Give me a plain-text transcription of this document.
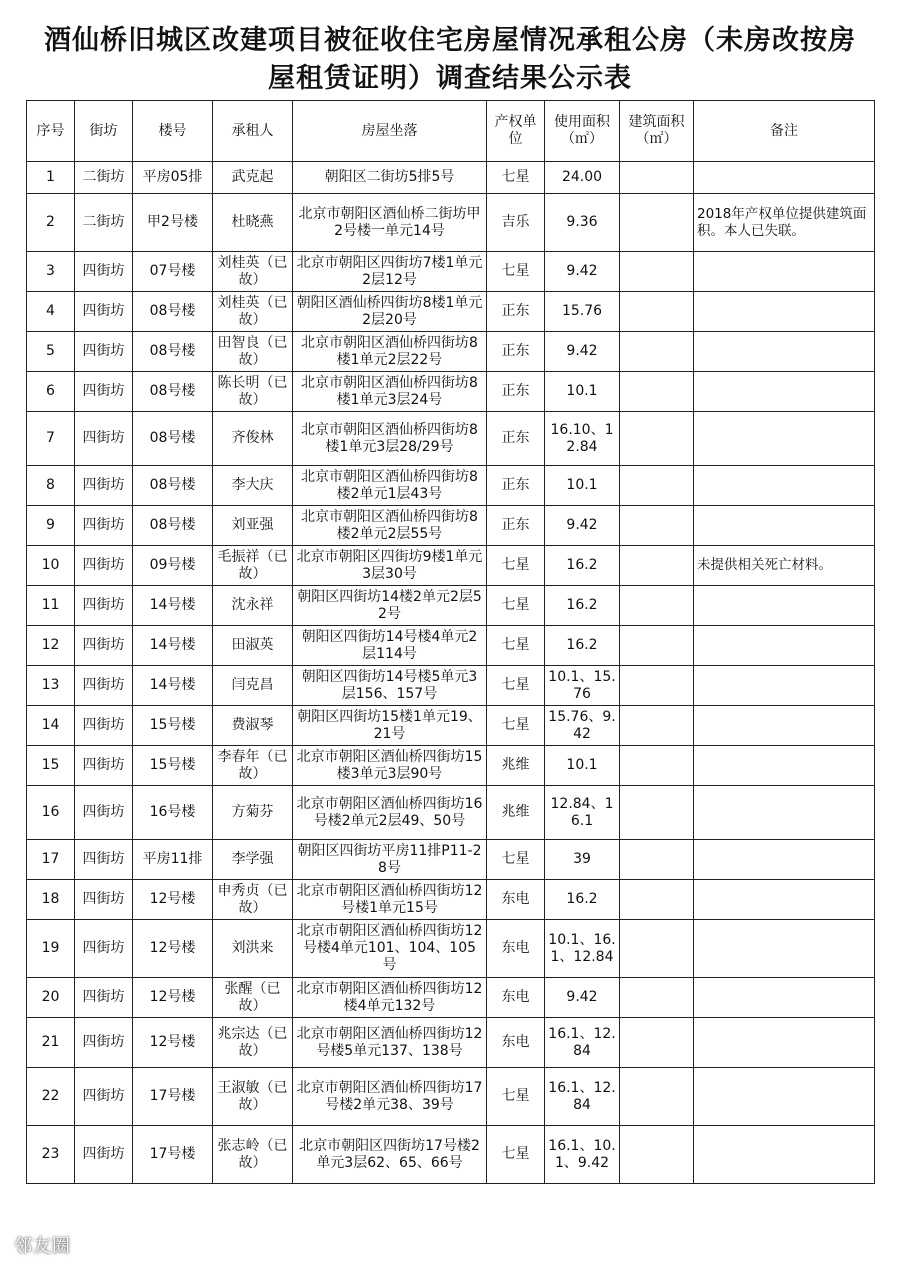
酒仙桥旧城区改建项目被征收住宅房屋情况承租公房（未房改按房
屋租赁证明）调查结果公示表
序号	街坊	楼号	承租人	房屋坐落	产权单位	使用面积（㎡）	建筑面积（㎡）	备注
1	二街坊	平房05排	武克起	朝阳区二街坊5排5号	七星	24.00		
2	二街坊	甲2号楼	杜晓燕	北京市朝阳区酒仙桥二街坊甲2号楼一单元14号	吉乐	9.36		2018年产权单位提供建筑面积。本人已失联。
3	四街坊	07号楼	刘桂英（已故）	北京市朝阳区四街坊7楼1单元2层12号	七星	9.42		
4	四街坊	08号楼	刘桂英（已故）	朝阳区酒仙桥四街坊8楼1单元2层20号	正东	15.76		
5	四街坊	08号楼	田智良（已故）	北京市朝阳区酒仙桥四街坊8楼1单元2层22号	正东	9.42		
6	四街坊	08号楼	陈长明（已故）	北京市朝阳区酒仙桥四街坊8楼1单元3层24号	正东	10.1		
7	四街坊	08号楼	齐俊林	北京市朝阳区酒仙桥四街坊8楼1单元3层28/29号	正东	16.10、12.84		
8	四街坊	08号楼	李大庆	北京市朝阳区酒仙桥四街坊8楼2单元1层43号	正东	10.1		
9	四街坊	08号楼	刘亚强	北京市朝阳区酒仙桥四街坊8楼2单元2层55号	正东	9.42		
10	四街坊	09号楼	毛振祥（已故）	北京市朝阳区四街坊9楼1单元3层30号	七星	16.2		未提供相关死亡材料。
11	四街坊	14号楼	沈永祥	朝阳区四街坊14楼2单元2层52号	七星	16.2		
12	四街坊	14号楼	田淑英	朝阳区四街坊14号楼4单元2层114号	七星	16.2		
13	四街坊	14号楼	闫克昌	朝阳区四街坊14号楼5单元3层156、157号	七星	10.1、15.76		
14	四街坊	15号楼	费淑琴	朝阳区四街坊15楼1单元19、21号	七星	15.76、9.42		
15	四街坊	15号楼	李春年（已故）	北京市朝阳区酒仙桥四街坊15楼3单元3层90号	兆维	10.1		
16	四街坊	16号楼	方菊芬	北京市朝阳区酒仙桥四街坊16号楼2单元2层49、50号	兆维	12.84、16.1		
17	四街坊	平房11排	李学强	朝阳区四街坊平房11排P11-28号	七星	39		
18	四街坊	12号楼	申秀贞（已故）	北京市朝阳区酒仙桥四街坊12号楼1单元15号	东电	16.2		
19	四街坊	12号楼	刘洪来	北京市朝阳区酒仙桥四街坊12号楼4单元101、104、105号	东电	10.1、16.1、12.84		
20	四街坊	12号楼	张醒（已故）	北京市朝阳区酒仙桥四街坊12楼4单元132号	东电	9.42		
21	四街坊	12号楼	兆宗达（已故）	北京市朝阳区酒仙桥四街坊12号楼5单元137、138号	东电	16.1、12.84		
22	四街坊	17号楼	王淑敏（已故）	北京市朝阳区酒仙桥四街坊17号楼2单元38、39号	七星	16.1、12.84		
23	四街坊	17号楼	张志岭（已故）	北京市朝阳区四街坊17号楼2单元3层62、65、66号	七星	16.1、10.1、9.42		
邻友圈
